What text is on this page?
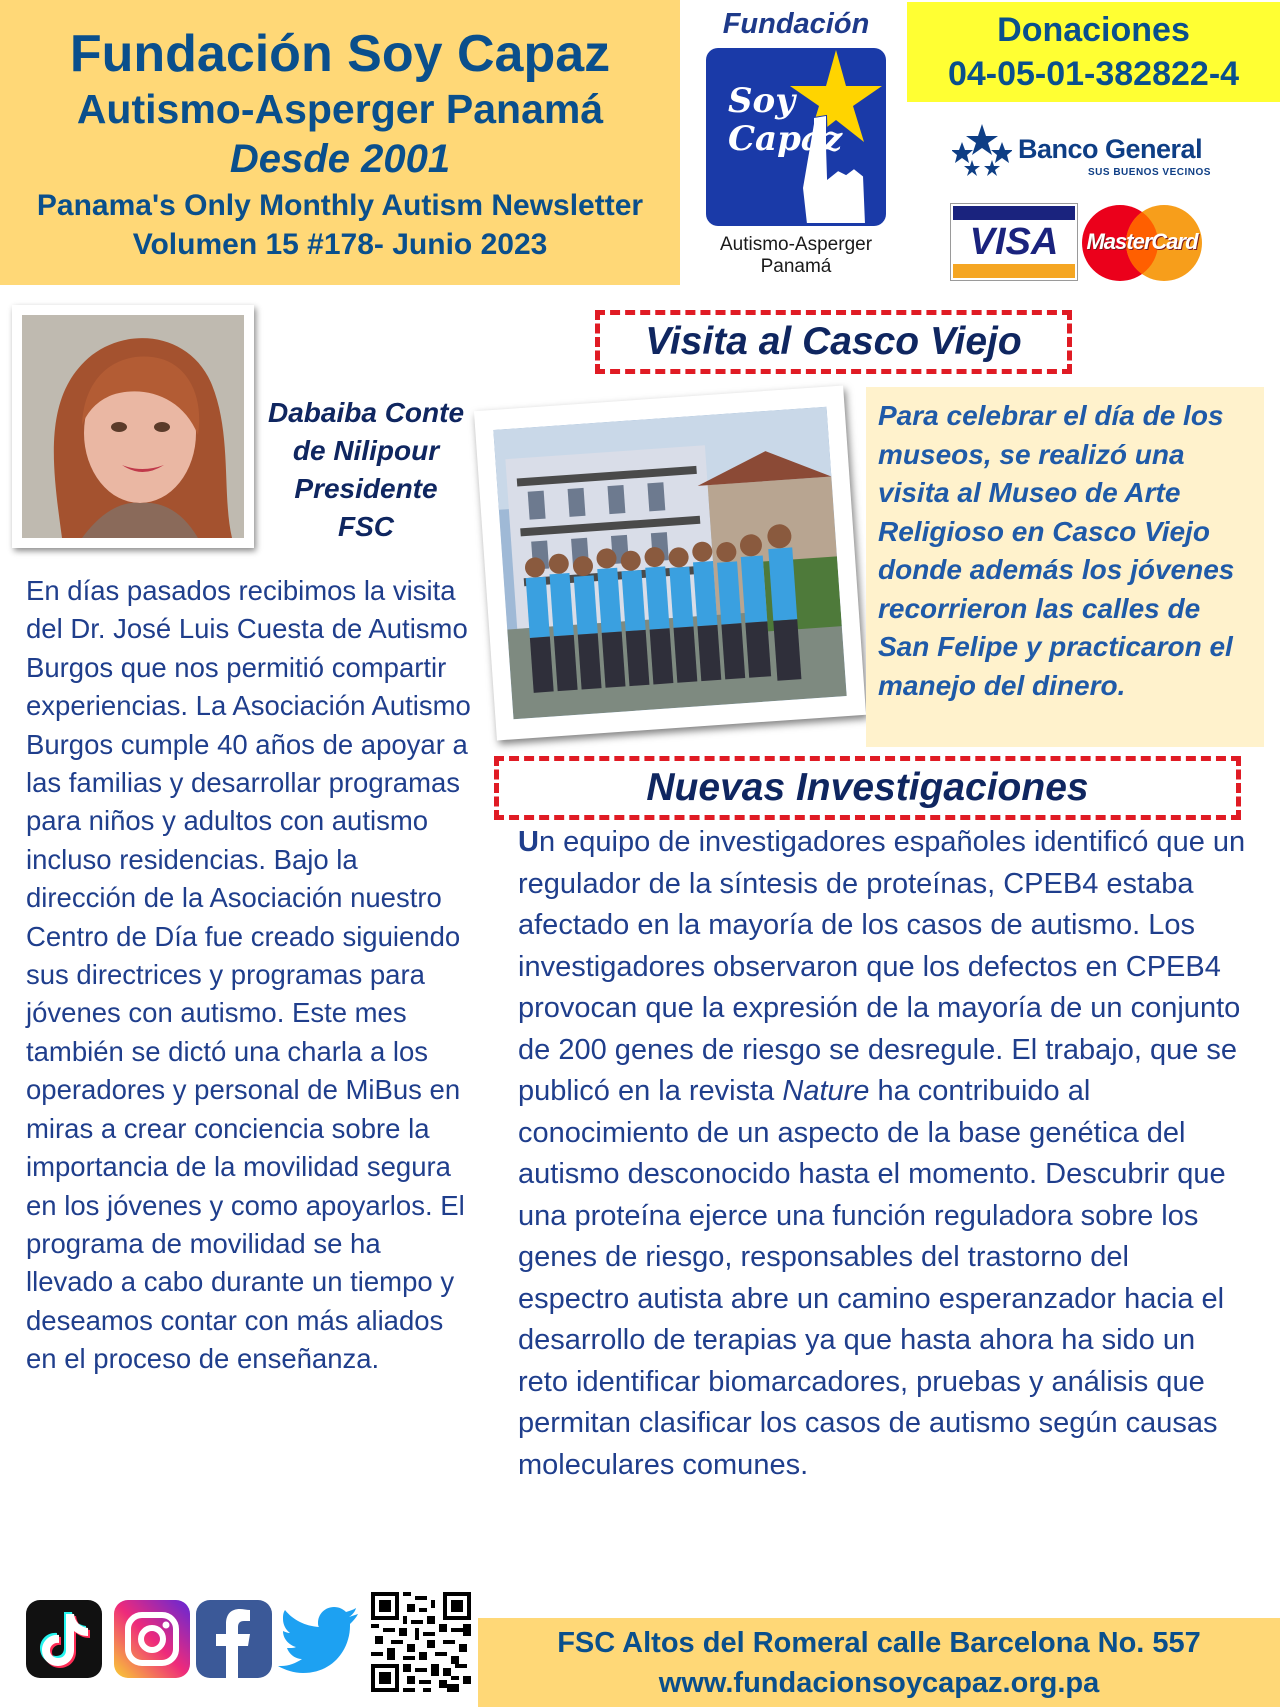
Fundación Soy Capaz
Autismo-Asperger Panamá
Desde 2001
Panama's Only Monthly Autism Newsletter
Volumen 15 #178- Junio 2023
Fundación
Soy
Capaz
Autismo-Asperger
Panamá
Donaciones
04-05-01-382822-4
Banco General
SUS BUENOS VECINOS
VISA	MasterCard
Dabaiba Conte
de Nilipour
Presidente
FSC
En días pasados recibimos la visita del Dr. José Luis Cuesta de Autismo Burgos que nos permitió compartir experiencias. La Asociación Autismo Burgos cumple 40 años de apoyar a las familias y desarrollar programas para niños y adultos con autismo incluso residencias. Bajo la dirección de la Asociación nuestro Centro de Día fue creado siguiendo sus directrices y programas para jóvenes con autismo. Este mes también se dictó una charla a los operadores y personal de MiBus en miras a crear conciencia sobre la importancia de la movilidad segura en los jóvenes y como apoyarlos. El programa de movilidad se ha llevado a cabo durante un tiempo y deseamos contar con más aliados en el proceso de enseñanza.
Visita al Casco Viejo
Para celebrar el día de los museos, se realizó una visita al Museo de Arte Religioso en Casco Viejo donde además los jóvenes recorrieron las calles de San Felipe y practicaron el manejo del dinero.
Nuevas Investigaciones
Un equipo de investigadores españoles identificó que un regulador de la síntesis de proteínas, CPEB4 estaba afectado en la mayoría de los casos de autismo. Los investigadores observaron que los defectos en CPEB4 provocan que la expresión de la mayoría de un conjunto de 200 genes de riesgo se desregule. El trabajo, que se publicó en la revista Nature ha contribuido al conocimiento de un aspecto de la base genética del autismo desconocido hasta el momento. Descubrir que una proteína ejerce una función reguladora sobre los genes de riesgo, responsables del trastorno del espectro autista abre un camino esperanzador hacia el desarrollo de terapias ya que hasta ahora ha sido un reto identificar biomarcadores, pruebas y análisis que permitan clasificar los casos de autismo según causas moleculares comunes.
FSC Altos del Romeral calle Barcelona No. 557
www.fundacionsoycapaz.org.pa
